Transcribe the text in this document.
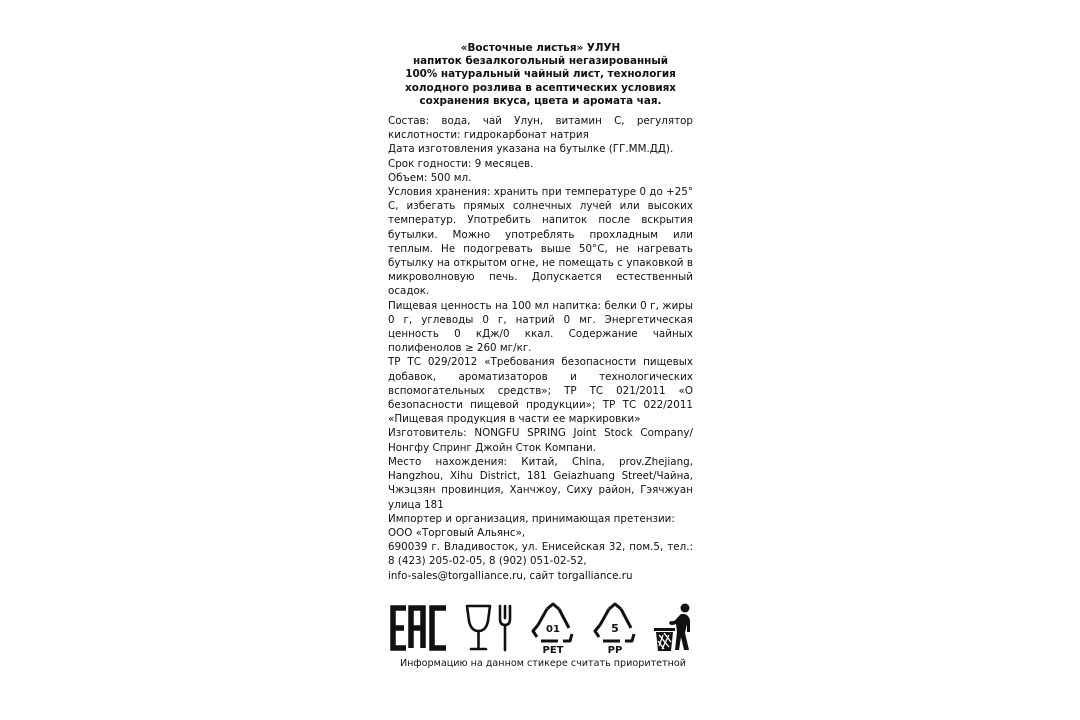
«Восточные листья» УЛУН
напиток безалкогольный негазированный
100% натуральный чайный лист, технология
холодного розлива в асептических условиях
сохранения вкуса, цвета и аромата чая.

Состав: вода, чай Улун, витамин С, регулятор кислотности: гидрокарбонат натрия

Дата изготовления указана на бутылке (ГГ.ММ.ДД).

Срок годности: 9 месяцев.

Объем: 500 мл.

Условия хранения: хранить при температуре 0 до +25° С, избегать прямых солнечных лучей или высоких температур. Употребить напиток после вскрытия бутылки. Можно употреблять прохладным или теплым. Не подогревать выше 50°С, не нагревать бутылку на открытом огне, не помещать с упаковкой в микроволновую печь. Допускается естественный осадок.

Пищевая ценность на 100 мл напитка: белки 0 г, жиры 0 г, углеводы 0 г, натрий 0 мг. Энергетическая ценность 0 кДж/0 ккал. Содержание чайных полифенолов ≥ 260 мг/кг.

ТР ТС 029/2012 «Требования безопасности пищевых добавок, ароматизаторов и технологических вспомогательных средств»; ТР ТС 021/2011 «О безопасности пищевой продукции»; ТР ТС 022/2011 «Пищевая продукция в части ее маркировки»

Изготовитель: NONGFU SPRING Joint Stock Company/Нонгфу Спринг Джойн Сток Компани.

Место нахождения: Китай, China, prov.Zhejiang, Hangzhou, Xihu District, 181 Geiazhuang Street/Чайна, Чжэцзян провинция, Ханчжоу, Сиху район, Гэячжуан улица 181

Импортер и организация, принимающая претензии:

ООО «Торговый Альянс»,

690039 г. Владивосток, ул. Енисейская 32, пом.5, тел.: 8 (423) 205-02-05, 8 (902) 051-02-52,

info-sales@torgalliance.ru, сайт torgalliance.ru

EAC
01
PET
5
PP
Информацию на данном стикере считать приоритетной
